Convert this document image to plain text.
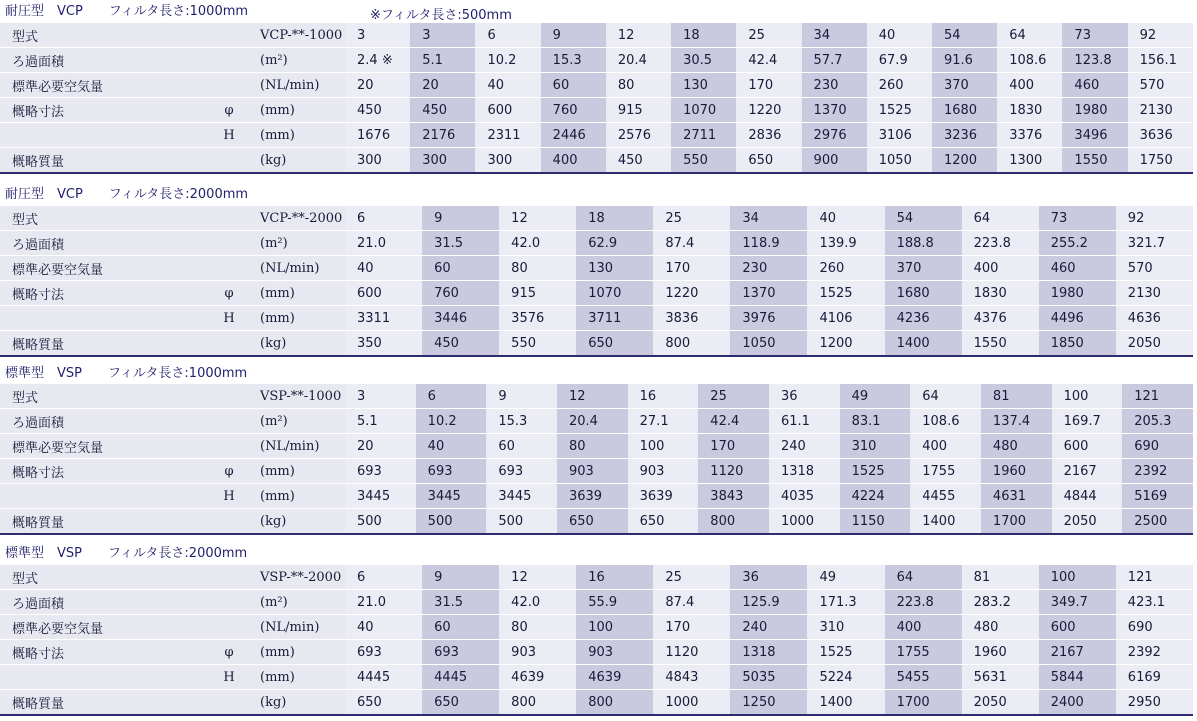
耐圧型　VCP　　フィルタ長さ:1000mm	※フィルタ長さ:500mm
型式		VCP-**-1000	3	3	6	9	12	18	25	34	40	54	64	73	92
ろ過面積		(m²)	2.4 ※	5.1	10.2	15.3	20.4	30.5	42.4	57.7	67.9	91.6	108.6	123.8	156.1
標準必要空気量		(NL/min)	20	20	40	60	80	130	170	230	260	370	400	460	570
概略寸法	φ	(mm)	450	450	600	760	915	1070	1220	1370	1525	1680	1830	1980	2130
	H	(mm)	1676	2176	2311	2446	2576	2711	2836	2976	3106	3236	3376	3496	3636
概略質量		(kg)	300	300	300	400	450	550	650	900	1050	1200	1300	1550	1750
耐圧型　VCP　　フィルタ長さ:2000mm
型式		VCP-**-2000	6	9	12	18	25	34	40	54	64	73	92
ろ過面積		(m²)	21.0	31.5	42.0	62.9	87.4	118.9	139.9	188.8	223.8	255.2	321.7
標準必要空気量		(NL/min)	40	60	80	130	170	230	260	370	400	460	570
概略寸法	φ	(mm)	600	760	915	1070	1220	1370	1525	1680	1830	1980	2130
	H	(mm)	3311	3446	3576	3711	3836	3976	4106	4236	4376	4496	4636
概略質量		(kg)	350	450	550	650	800	1050	1200	1400	1550	1850	2050
標準型　VSP　　フィルタ長さ:1000mm
型式		VSP-**-1000	3	6	9	12	16	25	36	49	64	81	100	121
ろ過面積		(m²)	5.1	10.2	15.3	20.4	27.1	42.4	61.1	83.1	108.6	137.4	169.7	205.3
標準必要空気量		(NL/min)	20	40	60	80	100	170	240	310	400	480	600	690
概略寸法	φ	(mm)	693	693	693	903	903	1120	1318	1525	1755	1960	2167	2392
	H	(mm)	3445	3445	3445	3639	3639	3843	4035	4224	4455	4631	4844	5169
概略質量		(kg)	500	500	500	650	650	800	1000	1150	1400	1700	2050	2500
標準型　VSP　　フィルタ長さ:2000mm
型式		VSP-**-2000	6	9	12	16	25	36	49	64	81	100	121
ろ過面積		(m²)	21.0	31.5	42.0	55.9	87.4	125.9	171.3	223.8	283.2	349.7	423.1
標準必要空気量		(NL/min)	40	60	80	100	170	240	310	400	480	600	690
概略寸法	φ	(mm)	693	693	903	903	1120	1318	1525	1755	1960	2167	2392
	H	(mm)	4445	4445	4639	4639	4843	5035	5224	5455	5631	5844	6169
概略質量		(kg)	650	650	800	800	1000	1250	1400	1700	2050	2400	2950
